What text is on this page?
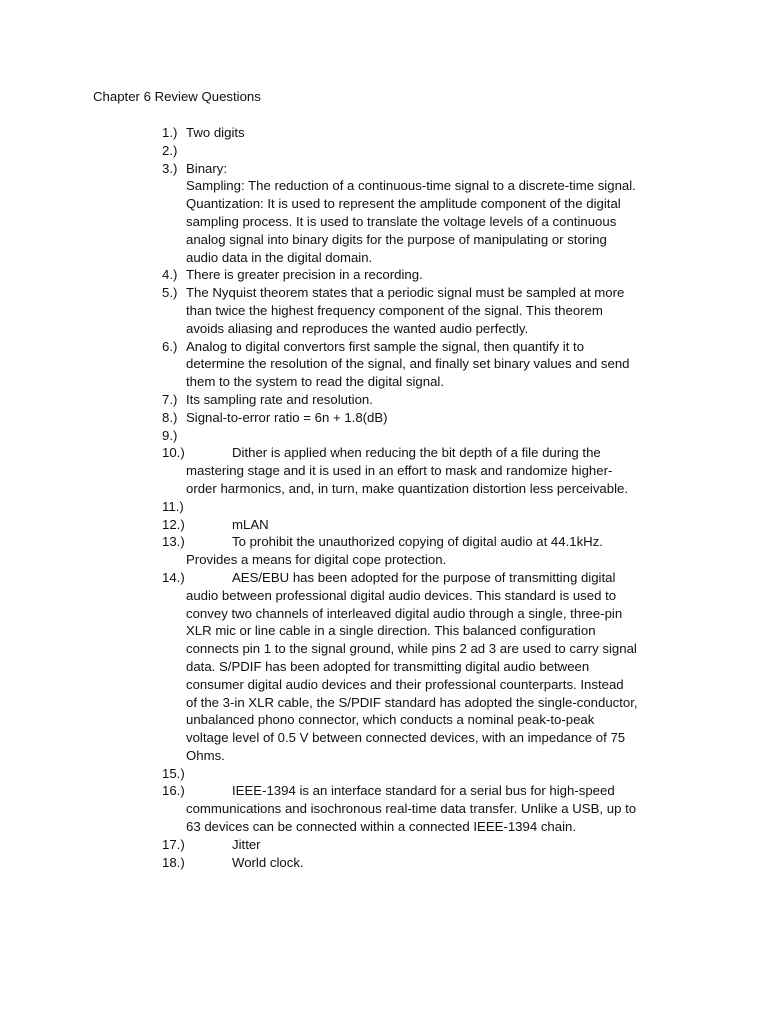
Chapter 6 Review Questions
1.) Two digits
2.)

3.) Binary:
Sampling: The reduction of a continuous-time signal to a discrete-time signal.
Quantization: It is used to represent the amplitude component of the digital
sampling process. It is used to translate the voltage levels of a continuous
analog signal into binary digits for the purpose of manipulating or storing
audio data in the digital domain.
4.) There is greater precision in a recording.
5.) The Nyquist theorem states that a periodic signal must be sampled at more
than twice the highest frequency component of the signal. This theorem
avoids aliasing and reproduces the wanted audio perfectly.
6.) Analog to digital convertors first sample the signal, then quantify it to
determine the resolution of the signal, and finally set binary values and send
them to the system to read the digital signal.
7.) Its sampling rate and resolution.
8.) Signal-to-error ratio = 6n + 1.8(dB)
9.)

10.)	Dither is applied when reducing the bit depth of a file during the
mastering stage and it is used in an effort to mask and randomize higher-
order harmonics, and, in turn, make quantization distortion less perceivable.
11.)

12.)	mLAN
13.)	To prohibit the unauthorized copying of digital audio at 44.1kHz.
Provides a means for digital cope protection.
14.)	AES/EBU has been adopted for the purpose of transmitting digital
audio between professional digital audio devices. This standard is used to
convey two channels of interleaved digital audio through a single, three-pin
XLR mic or line cable in a single direction. This balanced configuration
connects pin 1 to the signal ground, while pins 2 ad 3 are used to carry signal
data. S/PDIF has been adopted for transmitting digital audio between
consumer digital audio devices and their professional counterparts. Instead
of the 3-in XLR cable, the S/PDIF standard has adopted the single-conductor,
unbalanced phono connector, which conducts a nominal peak-to-peak
voltage level of 0.5 V between connected devices, with an impedance of 75
Ohms.
15.)

16.)	IEEE-1394 is an interface standard for a serial bus for high-speed
communications and isochronous real-time data transfer. Unlike a USB, up to
63 devices can be connected within a connected IEEE-1394 chain.
17.)	Jitter
18.)	World clock.
